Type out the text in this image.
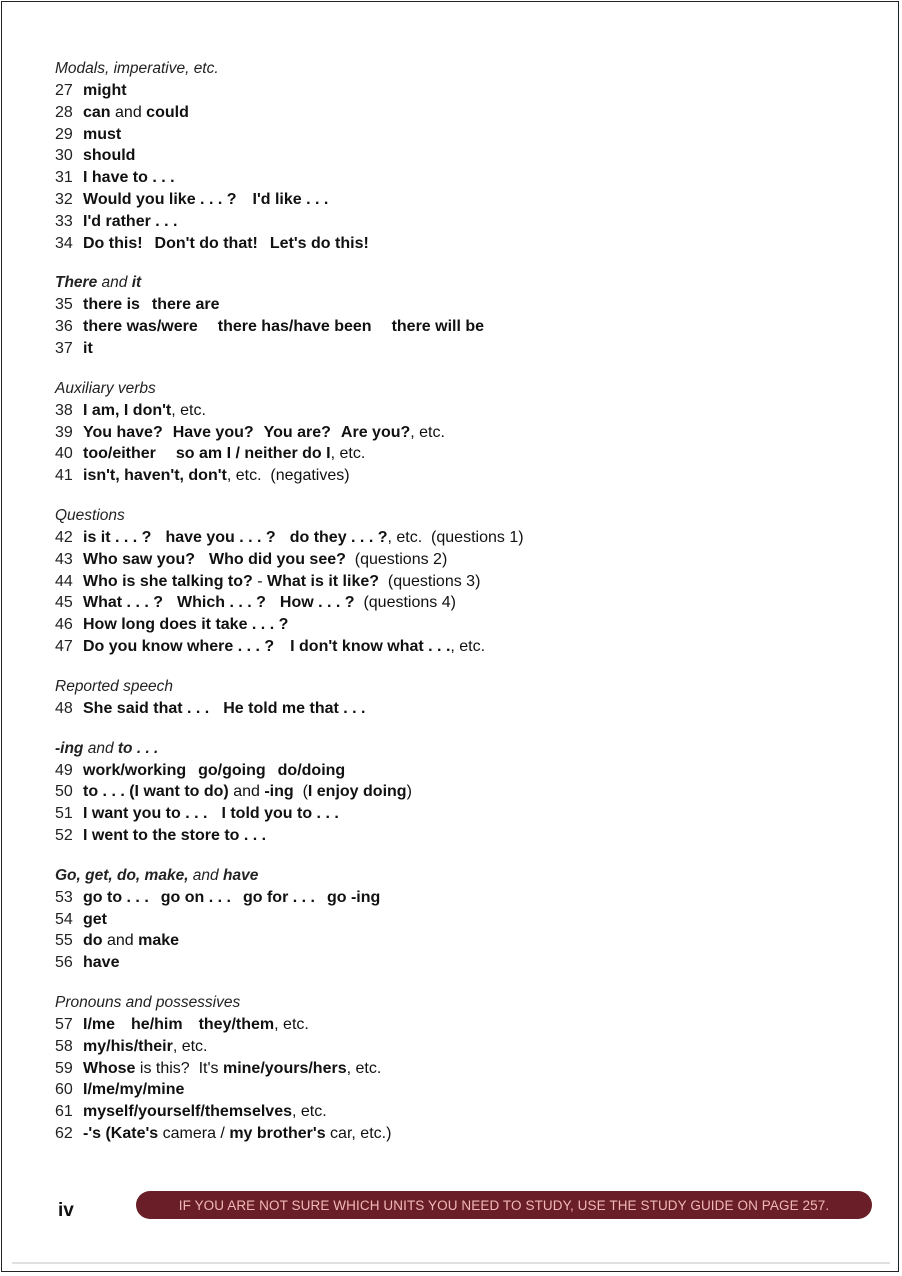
Modals, imperative, etc.
27 might
28 can and could
29 must
30 should
31 I have to . . .
32 Would you like . . . ? I'd like . . .
33 I'd rather . . .
34 Do this! Don't do that! Let's do this!
There and it
35 there is there are
36 there was/were there has/have been there will be
37 it
Auxiliary verbs
38 I am, I don't, etc.
39 You have? Have you? You are? Are you?, etc.
40 too/either so am I / neither do I, etc.
41 isn't, haven't, don't, etc.  (negatives)
Questions
42 is it . . . ? have you . . . ? do they . . . ?, etc.  (questions 1)
43 Who saw you? Who did you see?  (questions 2)
44 Who is she talking to? - What is it like?  (questions 3)
45 What . . . ? Which . . . ? How . . . ?  (questions 4)
46 How long does it take . . . ?
47 Do you know where . . . ? I don't know what . . ., etc.
Reported speech
48 She said that . . . He told me that . . .
-ing and to . . .
49 work/working go/going do/doing
50 to . . . (I want to do) and -ing  (I enjoy doing)
51 I want you to . . . I told you to . . .
52 I went to the store to . . .
Go, get, do, make, and have
53 go to . . . go on . . . go for . . . go -ing
54 get
55 do and make
56 have
Pronouns and possessives
57 I/me he/him they/them, etc.
58 my/his/their, etc.
59 Whose is this?  It's mine/yours/hers, etc.
60 I/me/my/mine
61 myself/yourself/themselves, etc.
62 -'s (Kate's camera / my brother's car, etc.)
iv	IF YOU ARE NOT SURE WHICH UNITS YOU NEED TO STUDY, USE THE STUDY GUIDE ON PAGE 257.
